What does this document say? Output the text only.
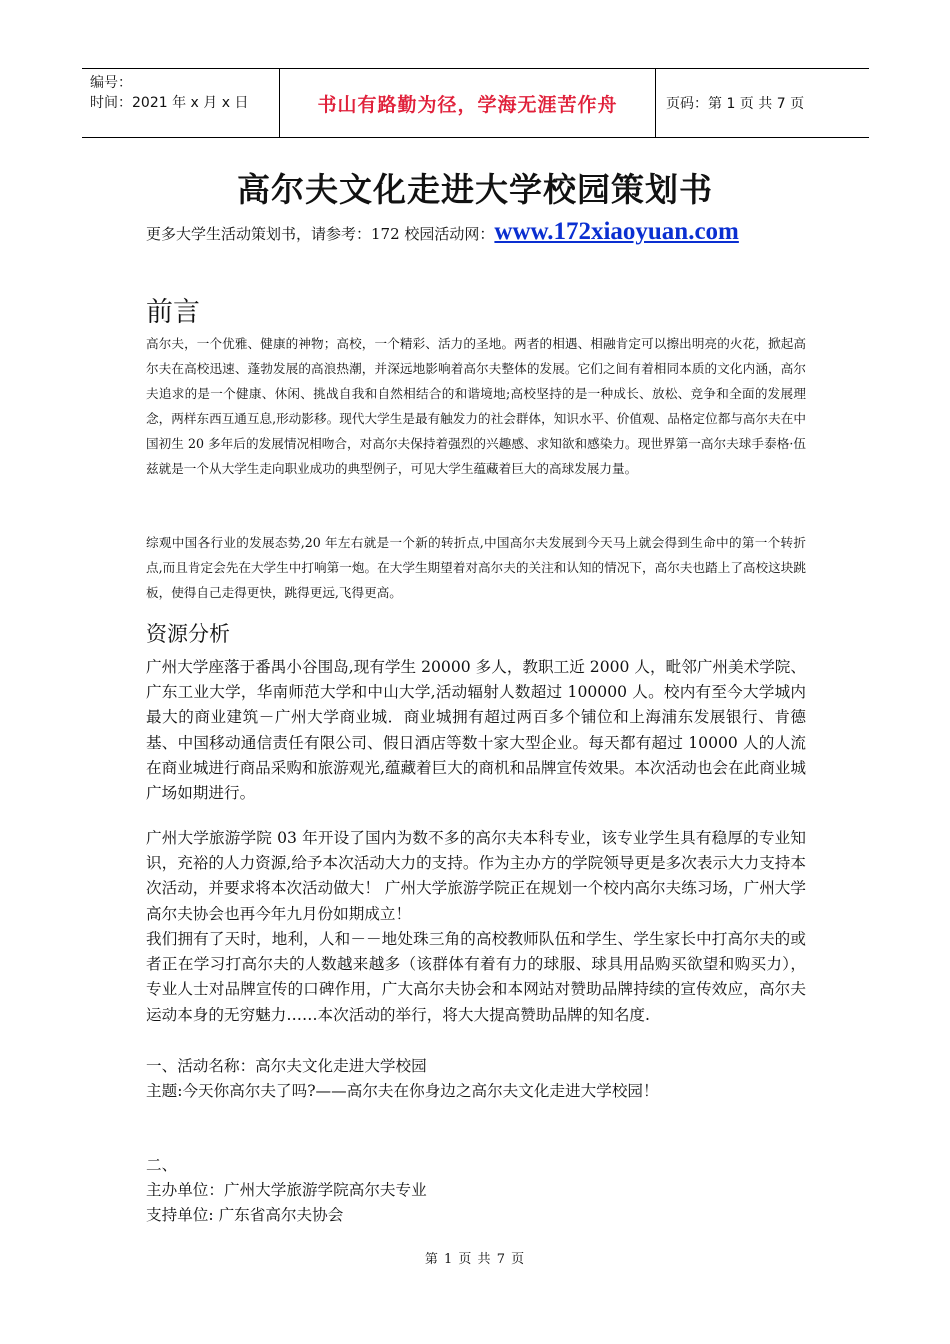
编号：
时间：2021 年 x 月 x 日	书山有路勤为径，学海无涯苦作舟	页码：第 1 页 共 7 页
高尔夫文化走进大学校园策划书
更多大学生活动策划书，请参考：172 校园活动网：www.172xiaoyuan.com
前言

高尔夫，一个优雅、健康的神物；高校，一个精彩、活力的圣地。两者的相遇、相融肯定可以擦出明亮的火花，掀起高尔夫在高校迅速、蓬勃发展的高浪热潮，并深远地影响着高尔夫整体的发展。它们之间有着相同本质的文化内涵，高尔夫追求的是一个健康、休闲、挑战自我和自然相结合的和谐境地;高校坚持的是一种成长、放松、竞争和全面的发展理念，两样东西互通互息,形动影移。现代大学生是最有触发力的社会群体，知识水平、价值观、品格定位都与高尔夫在中国初生 20 多年后的发展情况相吻合，对高尔夫保持着强烈的兴趣感、求知欲和感染力。现世界第一高尔夫球手泰格·伍兹就是一个从大学生走向职业成功的典型例子，可见大学生蕴藏着巨大的高球发展力量。

综观中国各行业的发展态势,20 年左右就是一个新的转折点,中国高尔夫发展到今天马上就会得到生命中的第一个转折点,而且肯定会先在大学生中打响第一炮。在大学生期望着对高尔夫的关注和认知的情况下，高尔夫也踏上了高校这块跳板，使得自己走得更快，跳得更远,飞得更高。

资源分析

广州大学座落于番禺小谷围岛,现有学生 20000 多人，教职工近 2000 人，毗邻广州美术学院、广东工业大学，华南师范大学和中山大学,活动辐射人数超过 100000 人。校内有至今大学城内最大的商业建筑－广州大学商业城．商业城拥有超过两百多个铺位和上海浦东发展银行、肯德基、中国移动通信责任有限公司、假日酒店等数十家大型企业。每天都有超过 10000 人的人流在商业城进行商品采购和旅游观光,蕴藏着巨大的商机和品牌宣传效果。本次活动也会在此商业城广场如期进行。

广州大学旅游学院 03 年开设了国内为数不多的高尔夫本科专业，该专业学生具有稳厚的专业知识，充裕的人力资源,给予本次活动大力的支持。作为主办方的学院领导更是多次表示大力支持本次活动，并要求将本次活动做大！ 广州大学旅游学院正在规划一个校内高尔夫练习场，广州大学高尔夫协会也再今年九月份如期成立！

我们拥有了天时，地利，人和－－地处珠三角的高校教师队伍和学生、学生家长中打高尔夫的或者正在学习打高尔夫的人数越来越多（该群体有着有力的球服、球具用品购买欲望和购买力），专业人士对品牌宣传的口碑作用，广大高尔夫协会和本网站对赞助品牌持续的宣传效应，高尔夫运动本身的无穷魅力……本次活动的举行，将大大提高赞助品牌的知名度.

一、活动名称：高尔夫文化走进大学校园
主题:今天你高尔夫了吗?——高尔夫在你身边之高尔夫文化走进大学校园！
二、
主办单位：广州大学旅游学院高尔夫专业
支持单位: 广东省高尔夫协会
第 1 页 共 7 页
